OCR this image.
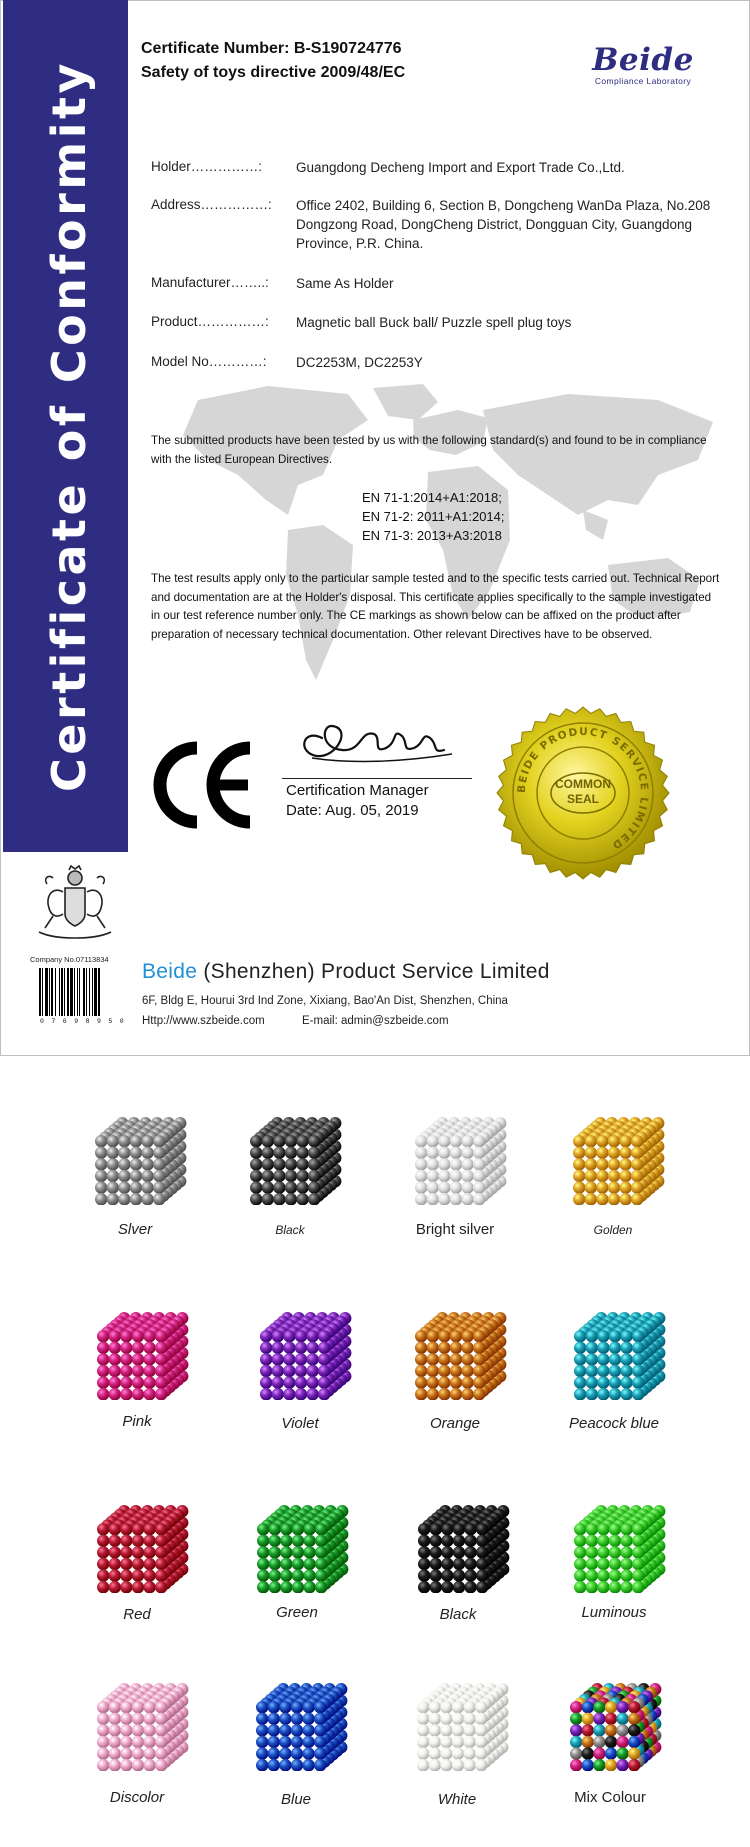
Certificate of Conformity
Certificate Number: B-S190724776
Safety of toys directive 2009/48/EC	Beide
Compliance Laboratory
Holder……………:	Guangdong Decheng Import and Export Trade Co.,Ltd.
Address……………: Office 2402, Building 6, Section B, Dongcheng WanDa Plaza, No.208 Dongzong Road, DongCheng District, Dongguan City, Guangdong Province, P.R. China.
Manufacturer……..: Same As Holder
Product……………: Magnetic ball Buck ball/ Puzzle spell plug toys
Model No…………: DC2253M, DC2253Y
The submitted products have been tested by us with the following standard(s) and found to be in compliance with the listed European Directives.
EN 71-1:2014+A1:2018;
EN 71-2: 2011+A1:2014;
EN 71-3: 2013+A3:2018
The test results apply only to the particular sample tested and to the specific tests carried out. Technical Report and documentation are at the Holder's disposal. This certificate applies specifically to the sample investigated in our test reference number only. The CE markings as shown below can be affixed on the product after preparation of necessary technical documentation. Other relevant Directives have to be observed.
Certification Manager
Date: Aug. 05, 2019
BEIDE PRODUCT SERVICE LIMITED
COMMON SEAL
Company No.07113834
0 7 6 9 8 9 5 0
Beide (Shenzhen) Product Service Limited
6F, Bldg E, Hourui 3rd Ind Zone, Xixiang, Bao'An Dist, Shenzhen, China
Http://www.szbeide.com	E-mail: admin@szbeide.com
Slver	Black	Bright silver	Golden
Pink	Violet	Orange	Peacock blue
Red	Green	Black	Luminous
Discolor	Blue	White	Mix Colour
